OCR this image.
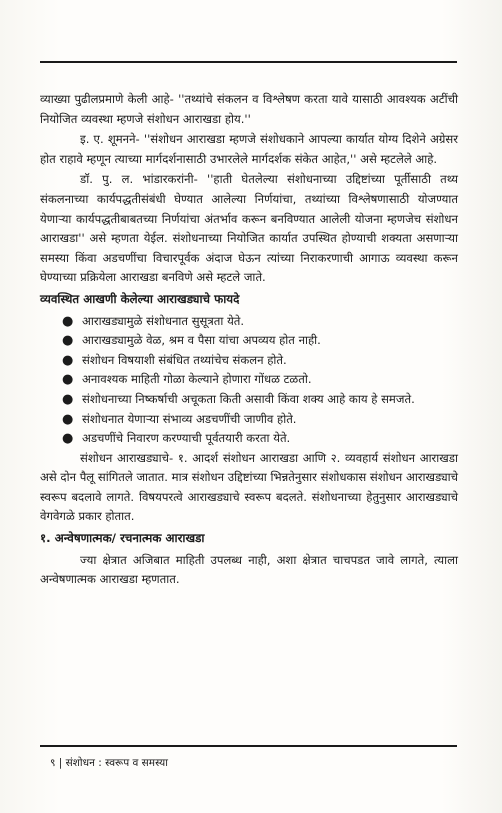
व्याख्या पुढीलप्रमाणे केली आहे- ''तथ्यांचे संकलन व विश्लेषण करता यावे यासाठी आवश्यक अटींची नियोजित व्यवस्था म्हणजे संशोधन आराखडा होय.''

इ. ए. शूमनने- ''संशोधन आराखडा म्हणजे संशोधकाने आपल्या कार्यात योग्य दिशेने अग्रेसर होत राहावे म्हणून त्याच्या मार्गदर्शनासाठी उभारलेले मार्गदर्शक संकेत आहेत,'' असे म्हटलेले आहे.

डॉ. पु. ल. भांडारकरांनी- ''हाती घेतलेल्या संशोधनाच्या उद्दिष्टांच्या पूर्तीसाठी तथ्य संकलनाच्या कार्यपद्धतीसंबंधी घेण्यात आलेल्या निर्णयांचा, तथ्यांच्या विश्लेषणासाठी योजण्यात येणाऱ्या कार्यपद्धतीबाबतच्या निर्णयांचा अंतर्भाव करून बनविण्यात आलेली योजना म्हणजेच संशोधन आराखडा'' असे म्हणता येईल. संशोधनाच्या नियोजित कार्यात उपस्थित होण्याची शक्यता असणाऱ्या समस्या किंवा अडचणींचा विचारपूर्वक अंदाज घेऊन त्यांच्या निराकरणाची आगाऊ व्यवस्था करून घेण्याच्या प्रक्रियेला आराखडा बनविणे असे म्हटले जाते.

व्यवस्थित आखणी केलेल्या आराखड्याचे फायदे
● आराखड्यामुळे संशोधनात सुसूत्रता येते.
● आराखड्यामुळे वेळ, श्रम व पैसा यांचा अपव्यय होत नाही.
● संशोधन विषयाशी संबंधित तथ्यांचेच संकलन होते.
● अनावश्यक माहिती गोळा केल्याने होणारा गोंधळ टळतो.
● संशोधनाच्या निष्कर्षाची अचूकता किती असावी किंवा शक्य आहे काय हे समजते.
● संशोधनात येणाऱ्या संभाव्य अडचणींची जाणीव होते.
● अडचणींचे निवारण करण्याची पूर्वतयारी करता येते.

संशोधन आराखड्याचे- १. आदर्श संशोधन आराखडा आणि २. व्यवहार्य संशोधन आराखडा असे दोन पैलू सांगितले जातात. मात्र संशोधन उद्दिष्टांच्या भिन्नतेनुसार संशोधकास संशोधन आराखड्याचे स्वरूप बदलावे लागते. विषयपरत्वे आराखड्याचे स्वरूप बदलते. संशोधनाच्या हेतुनुसार आराखड्याचे वेगवेगळे प्रकार होतात.

१. अन्वेषणात्मक/ रचनात्मक आराखडा

ज्या क्षेत्रात अजिबात माहिती उपलब्ध नाही, अशा क्षेत्रात चाचपडत जावे लागते, त्याला अन्वेषणात्मक आराखडा म्हणतात.

९ | संशोधन : स्वरूप व समस्या
